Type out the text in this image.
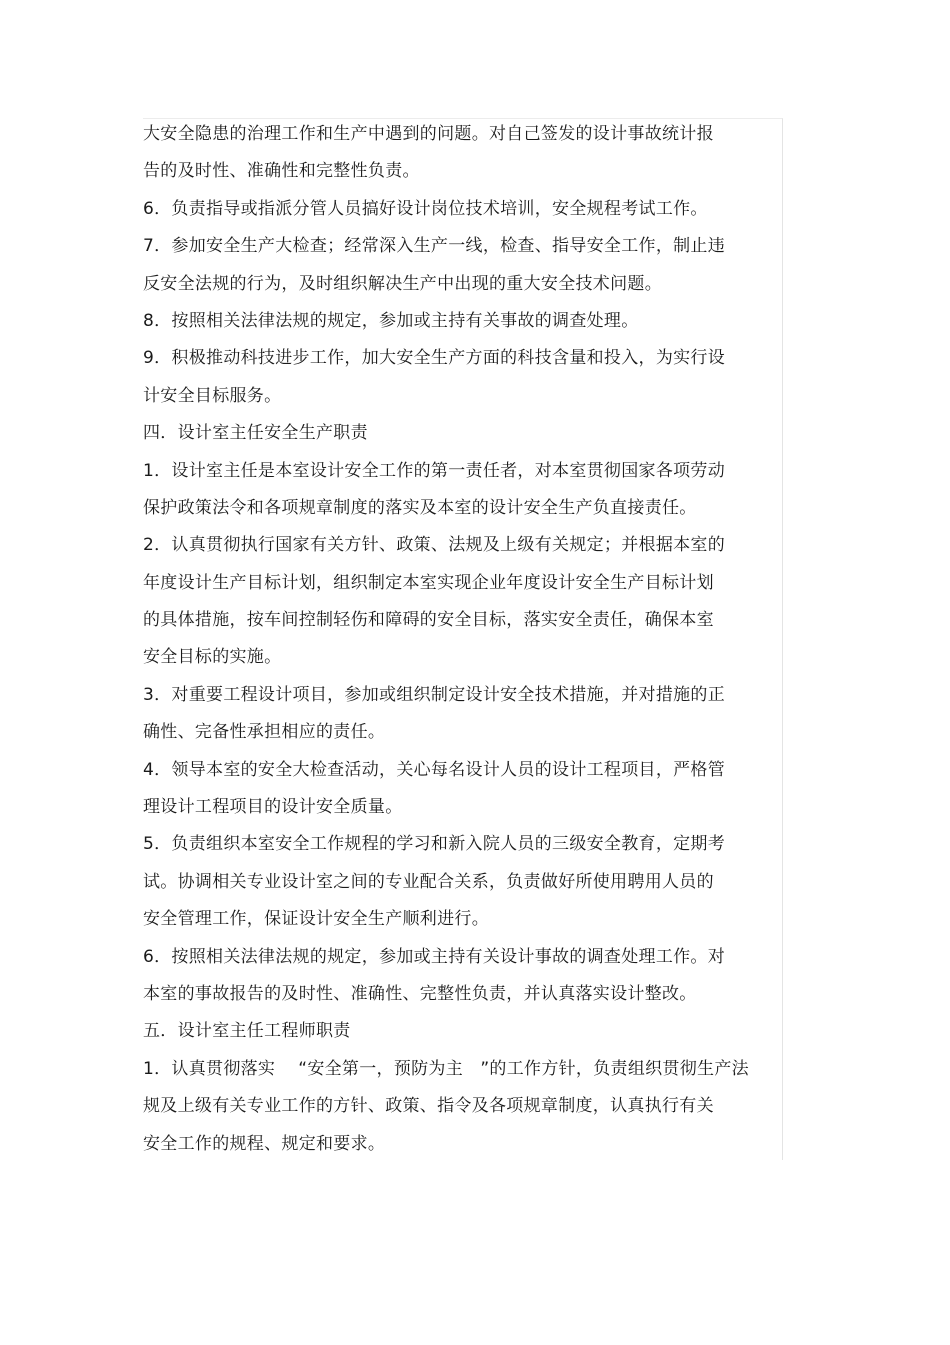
大安全隐患的治理工作和生产中遇到的问题。对自己签发的设计事故统计报
告的及时性、准确性和完整性负责。
6．负责指导或指派分管人员搞好设计岗位技术培训，安全规程考试工作。
7．参加安全生产大检查；经常深入生产一线，检查、指导安全工作，制止违
反安全法规的行为，及时组织解决生产中出现的重大安全技术问题。
8．按照相关法律法规的规定，参加或主持有关事故的调查处理。
9．积极推动科技进步工作，加大安全生产方面的科技含量和投入，为实行设
计安全目标服务。
四．设计室主任安全生产职责
1．设计室主任是本室设计安全工作的第一责任者，对本室贯彻国家各项劳动
保护政策法令和各项规章制度的落实及本室的设计安全生产负直接责任。
2．认真贯彻执行国家有关方针、政策、法规及上级有关规定；并根据本室的
年度设计生产目标计划，组织制定本室实现企业年度设计安全生产目标计划
的具体措施，按车间控制轻伤和障碍的安全目标，落实安全责任，确保本室
安全目标的实施。
3．对重要工程设计项目，参加或组织制定设计安全技术措施，并对措施的正
确性、完备性承担相应的责任。
4．领导本室的安全大检查活动，关心每名设计人员的设计工程项目，严格管
理设计工程项目的设计安全质量。
5．负责组织本室安全工作规程的学习和新入院人员的三级安全教育，定期考
试。协调相关专业设计室之间的专业配合关系，负责做好所使用聘用人员的
安全管理工作，保证设计安全生产顺利进行。
6．按照相关法律法规的规定，参加或主持有关设计事故的调查处理工作。对
本室的事故报告的及时性、准确性、完整性负责，并认真落实设计整改。
五．设计室主任工程师职责
1．认真贯彻落实　 “安全第一，预防为主　”的工作方针，负责组织贯彻生产法
规及上级有关专业工作的方针、政策、指令及各项规章制度，认真执行有关
安全工作的规程、规定和要求。
